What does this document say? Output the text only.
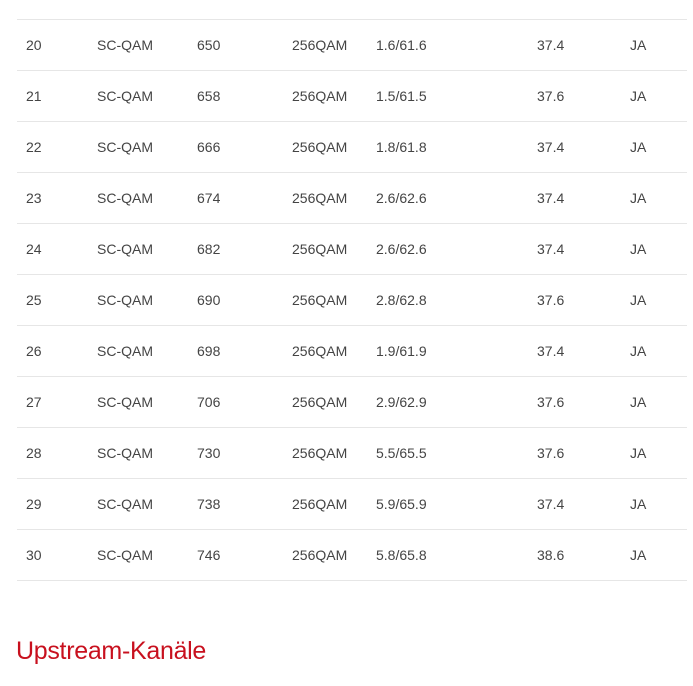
20	SC-QAM	650	256QAM	1.6/61.6	37.4	JA
21	SC-QAM	658	256QAM	1.5/61.5	37.6	JA
22	SC-QAM	666	256QAM	1.8/61.8	37.4	JA
23	SC-QAM	674	256QAM	2.6/62.6	37.4	JA
24	SC-QAM	682	256QAM	2.6/62.6	37.4	JA
25	SC-QAM	690	256QAM	2.8/62.8	37.6	JA
26	SC-QAM	698	256QAM	1.9/61.9	37.4	JA
27	SC-QAM	706	256QAM	2.9/62.9	37.6	JA
28	SC-QAM	730	256QAM	5.5/65.5	37.6	JA
29	SC-QAM	738	256QAM	5.9/65.9	37.4	JA
30	SC-QAM	746	256QAM	5.8/65.8	38.6	JA
Upstream-Kanäle
